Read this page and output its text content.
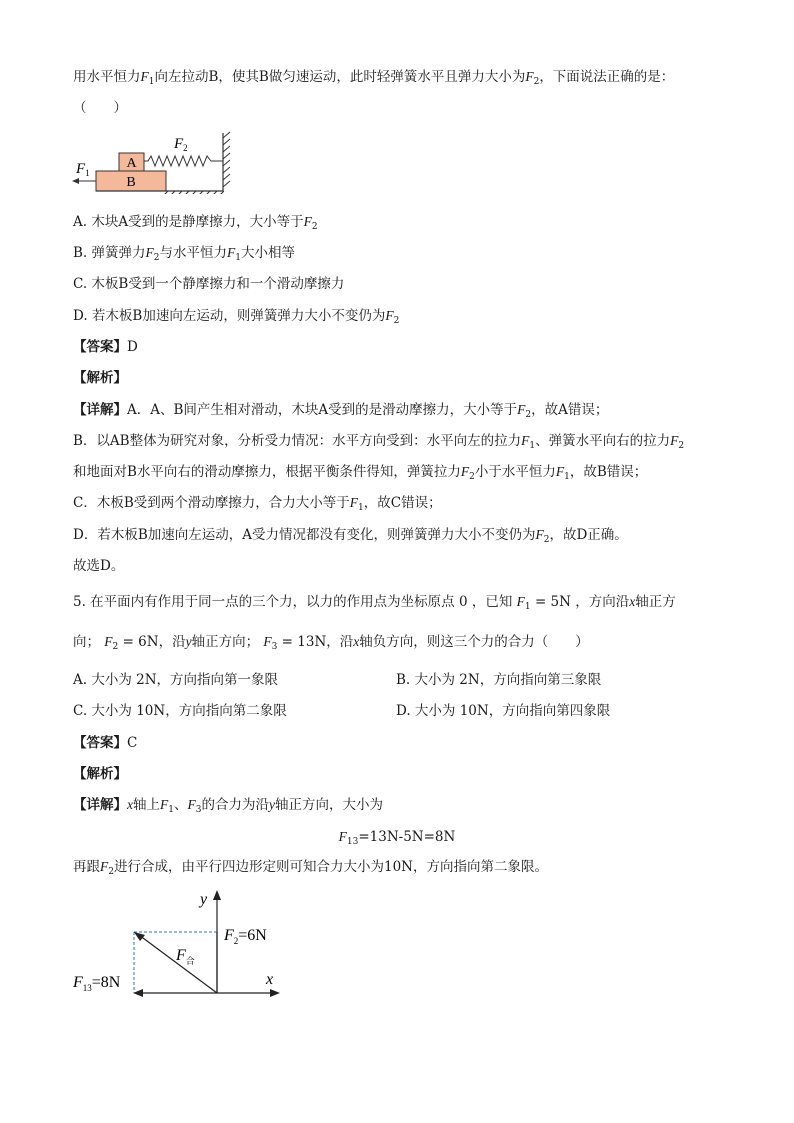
用水平恒力$F_1$向左拉动B，使其B做匀速运动，此时轻弹簧水平且弹力大小为$F_2$，下面说法正确的是：
（　　）
A
B
$F_1$
$F_2$
A. 木块A受到的是静摩擦力，大小等于$F_2$
B. 弹簧弹力$F_2$与水平恒力$F_1$大小相等
C. 木板B受到一个静摩擦力和一个滑动摩擦力
D. 若木板B加速向左运动，则弹簧弹力大小不变仍为$F_2$
【答案】D
【解析】
【详解】A．A、B间产生相对滑动，木块A受到的是滑动摩擦力，大小等于$F_2$，故A错误；
B．以AB整体为研究对象，分析受力情况：水平方向受到：水平向左的拉力$F_1$、弹簧水平向右的拉力$F_2$
和地面对B水平向右的滑动摩擦力，根据平衡条件得知，弹簧拉力$F_2$小于水平恒力$F_1$，故B错误；
C．木板B受到两个滑动摩擦力，合力大小等于$F_1$，故C错误；
D．若木板B加速向左运动，A受力情况都没有变化，则弹簧弹力大小不变仍为$F_2$，故D正确。
故选D。
5. 在平面内有作用于同一点的三个力，以力的作用点为坐标原点 0 ，已知 $F_1 = 5N$ ，方向沿x轴正方
向； $F_2 = 6N$，沿y轴正方向； $F_3 = 13N$，沿x轴负方向，则这三个力的合力（　　）
A. 大小为 2N，方向指向第一象限	B. 大小为 2N，方向指向第三象限
C. 大小为 10N，方向指向第二象限	D. 大小为 10N，方向指向第四象限
【答案】C
【解析】
【详解】x轴上$F_1$、$F_3$的合力为沿y轴正方向，大小为
$F_{13}=13N-5N=8N$
再跟$F_2$进行合成，由平行四边形定则可知合力大小为10N，方向指向第二象限。
y
x
$F_2=6N$
$F_{13}=8N$
$F_合$
